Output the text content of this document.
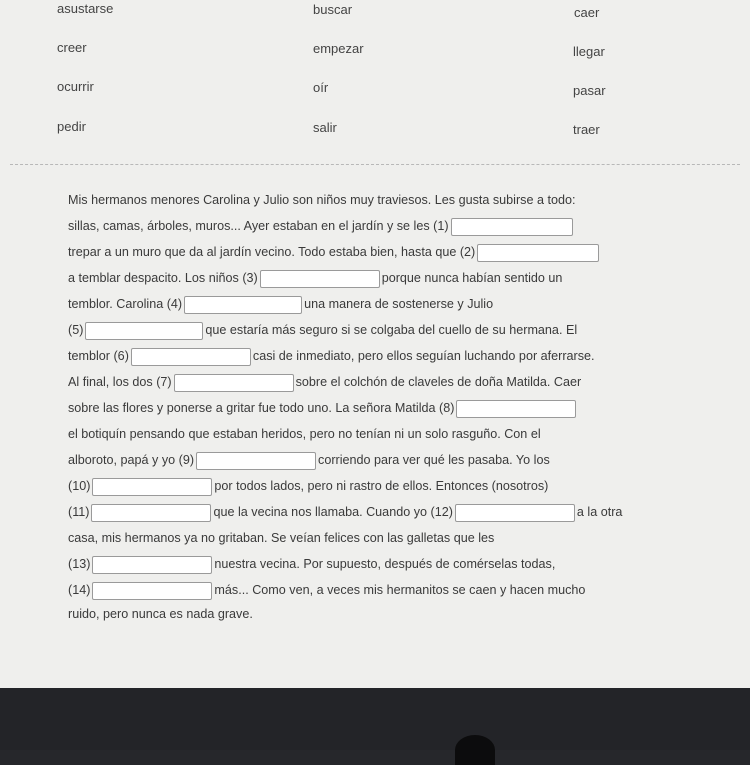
asustarse	buscar	caer
creer	empezar	llegar
ocurrir	oír	pasar
pedir	salir	traer
Mis hermanos menores Carolina y Julio son niños muy traviesos. Les gusta subirse a todo:
sillas, camas, árboles, muros... Ayer estaban en el jardín y se les (1)
trepar a un muro que da al jardín vecino. Todo estaba bien, hasta que (2)
a temblar despacito. Los niños (3)	porque nunca habían sentido un
temblor. Carolina (4)	una manera de sostenerse y Julio
(5)	que estaría más seguro si se colgaba del cuello de su hermana. El
temblor (6)	casi de inmediato, pero ellos seguían luchando por aferrarse.
Al final, los dos (7)	sobre el colchón de claveles de doña Matilda. Caer
sobre las flores y ponerse a gritar fue todo uno. La señora Matilda (8)
el botiquín pensando que estaban heridos, pero no tenían ni un solo rasguño. Con el
alboroto, papá y yo (9)	corriendo para ver qué les pasaba. Yo los
(10)	por todos lados, pero ni rastro de ellos. Entonces (nosotros)
(11)	que la vecina nos llamaba. Cuando yo (12)	a la otra
casa, mis hermanos ya no gritaban. Se veían felices con las galletas que les
(13)	nuestra vecina. Por supuesto, después de comérselas todas,
(14)	más... Como ven, a veces mis hermanitos se caen y hacen mucho
ruido, pero nunca es nada grave.
